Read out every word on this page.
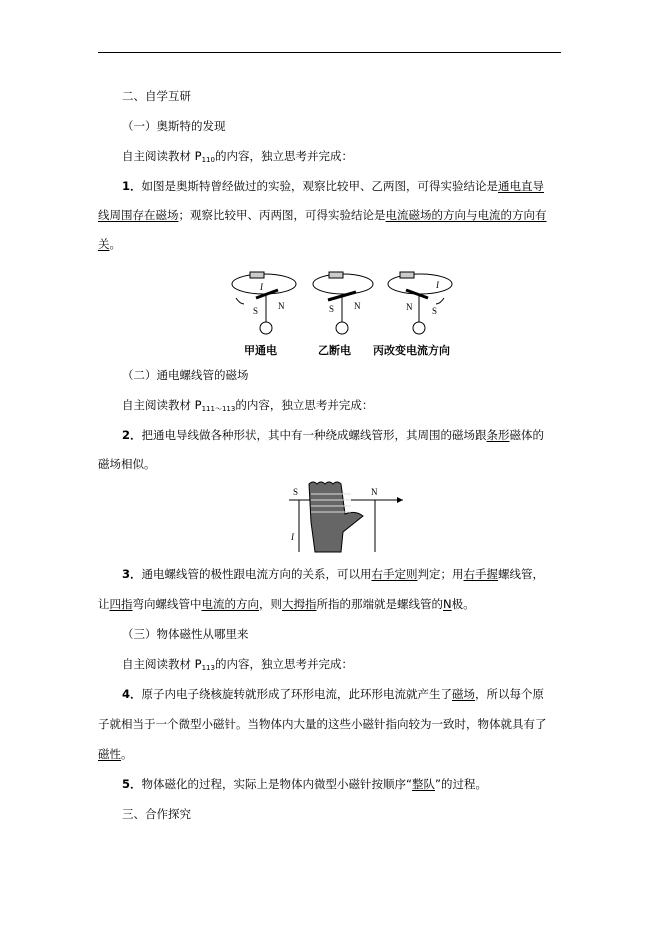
二、自学互研
（一）奥斯特的发现
自主阅读教材 $P_{110}$的内容，独立思考并完成：
1．如图是奥斯特曾经做过的实验，观察比较甲、乙两图，可得实验结论是通电直导
线周围存在磁场；观察比较甲、丙两图，可得实验结论是电流磁场的方向与电流的方向有
关。
S N
I
S N	N S
I
甲通电	乙断电 丙改变电流方向
（二）通电螺线管的磁场
自主阅读教材 $P_{111\sim 113}$的内容，独立思考并完成：
2．把通电导线做各种形状，其中有一种绕成螺线管形，其周围的磁场跟条形磁体的
磁场相似。
S	N
I
3．通电螺线管的极性跟电流方向的关系，可以用右手定则判定；用右手握螺线管，
让四指弯向螺线管中电流的方向，则大拇指所指的那端就是螺线管的N极。
（三）物体磁性从哪里来
自主阅读教材 $P_{113}$的内容，独立思考并完成：
4．原子内电子绕核旋转就形成了环形电流，此环形电流就产生了磁场，所以每个原
子就相当于一个微型小磁针。当物体内大量的这些小磁针指向较为一致时，物体就具有了
磁性。
5．物体磁化的过程，实际上是物体内微型小磁针按顺序“整队”的过程。
三、合作探究
